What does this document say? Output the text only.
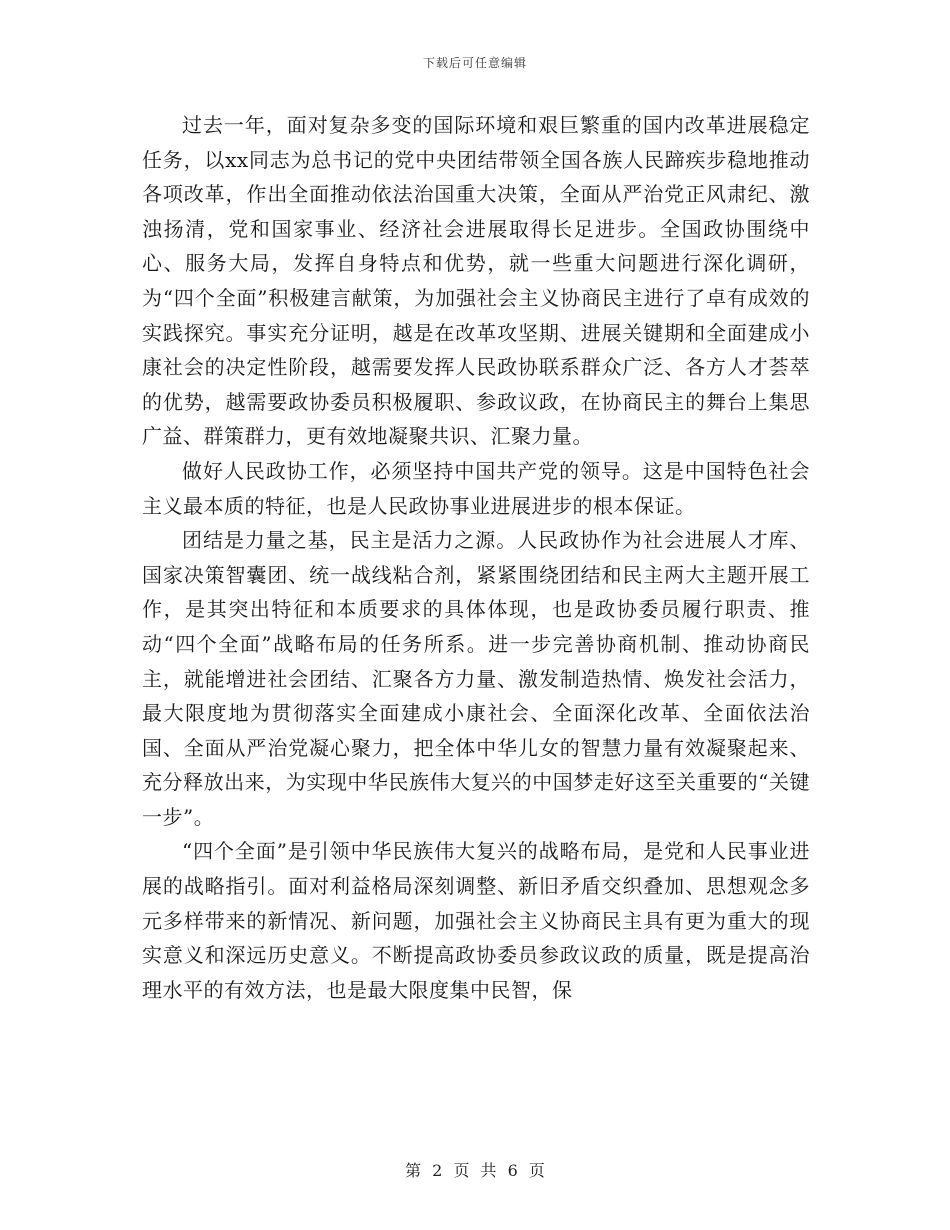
下载后可任意编辑

过去一年，面对复杂多变的国际环境和艰巨繁重的国内改革进展稳定任务，以xx同志为总书记的党中央团结带领全国各族人民蹄疾步稳地推动各项改革，作出全面推动依法治国重大决策，全面从严治党正风肃纪、激浊扬清，党和国家事业、经济社会进展取得长足进步。全国政协围绕中心、服务大局，发挥自身特点和优势，就一些重大问题进行深化调研，为“四个全面”积极建言献策，为加强社会主义协商民主进行了卓有成效的实践探究。事实充分证明，越是在改革攻坚期、进展关键期和全面建成小康社会的决定性阶段，越需要发挥人民政协联系群众广泛、各方人才荟萃的优势，越需要政协委员积极履职、参政议政，在协商民主的舞台上集思广益、群策群力，更有效地凝聚共识、汇聚力量。

做好人民政协工作，必须坚持中国共产党的领导。这是中国特色社会主义最本质的特征，也是人民政协事业进展进步的根本保证。

团结是力量之基，民主是活力之源。人民政协作为社会进展人才库、国家决策智囊团、统一战线粘合剂，紧紧围绕团结和民主两大主题开展工作，是其突出特征和本质要求的具体体现，也是政协委员履行职责、推动“四个全面”战略布局的任务所系。进一步完善协商机制、推动协商民主，就能增进社会团结、汇聚各方力量、激发制造热情、焕发社会活力，最大限度地为贯彻落实全面建成小康社会、全面深化改革、全面依法治国、全面从严治党凝心聚力，把全体中华儿女的智慧力量有效凝聚起来、充分释放出来，为实现中华民族伟大复兴的中国梦走好这至关重要的“关键一步”。

“四个全面”是引领中华民族伟大复兴的战略布局，是党和人民事业进展的战略指引。面对利益格局深刻调整、新旧矛盾交织叠加、思想观念多元多样带来的新情况、新问题，加强社会主义协商民主具有更为重大的现实意义和深远历史意义。不断提高政协委员参政议政的质量，既是提高治理水平的有效方法，也是最大限度集中民智，保

第 2 页 共 6 页
